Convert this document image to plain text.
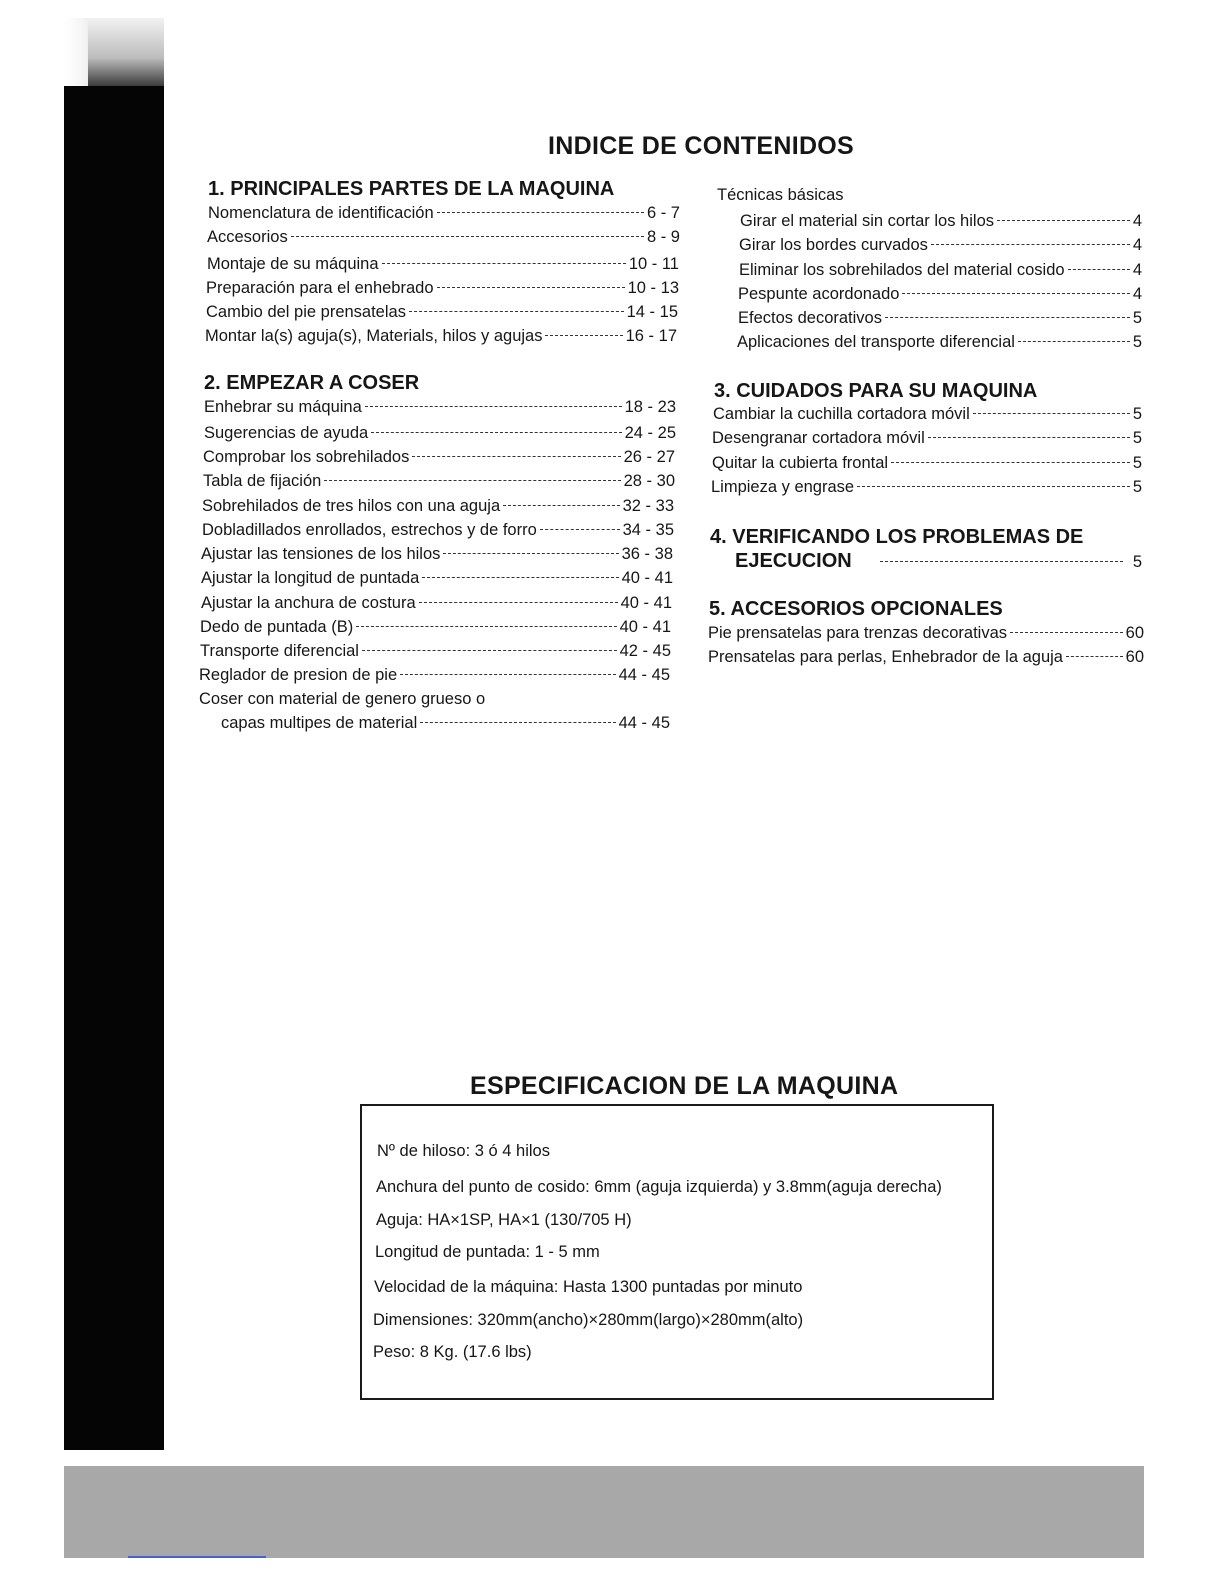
INDICE DE CONTENIDOS
1. PRINCIPALES PARTES DE LA MAQUINA
Nomenclatura de identificación	6 - 7
Accesorios	8 - 9
Montaje de su máquina	10 - 11
Preparación para el enhebrado	10 - 13
Cambio del pie prensatelas	14 - 15
Montar la(s) aguja(s), Materials, hilos y agujas	16 - 17
2. EMPEZAR A COSER
Enhebrar su máquina	18 - 23
Sugerencias de ayuda	24 - 25
Comprobar los sobrehilados	26 - 27
Tabla de fijación	28 - 30
Sobrehilados de tres hilos con una aguja	32 - 33
Dobladillados enrollados, estrechos y de forro	34 - 35
Ajustar las tensiones de los hilos	36 - 38
Ajustar la longitud de puntada	40 - 41
Ajustar la anchura de costura	40 - 41
Dedo de puntada (B)	40 - 41
Transporte diferencial	42 - 45
Reglador de presion de pie	44 - 45
Coser con material de genero grueso o
capas multipes de material	44 - 45
Técnicas básicas
Girar el material sin cortar los hilos	4
Girar los bordes curvados	4
Eliminar los sobrehilados del material cosido	4
Pespunte acordonado	4
Efectos decorativos	5
Aplicaciones del transporte diferencial	5
3. CUIDADOS PARA SU MAQUINA
Cambiar la cuchilla cortadora móvil	5
Desengranar cortadora móvil	5
Quitar la cubierta frontal	5
Limpieza y engrase	5
4. VERIFICANDO LOS PROBLEMAS DE
EJECUCION	5
5. ACCESORIOS OPCIONALES
Pie prensatelas para trenzas decorativas	60
Prensatelas para perlas, Enhebrador de la aguja	60
ESPECIFICACION DE LA MAQUINA
Nº de hiloso: 3 ó 4 hilos
Anchura del punto de cosido: 6mm (aguja izquierda) y 3.8mm(aguja derecha)
Aguja: HA×1SP, HA×1 (130/705 H)
Longitud de puntada: 1 - 5 mm
Velocidad de la máquina: Hasta 1300 puntadas por minuto
Dimensiones: 320mm(ancho)×280mm(largo)×280mm(alto)
Peso: 8 Kg. (17.6 lbs)
